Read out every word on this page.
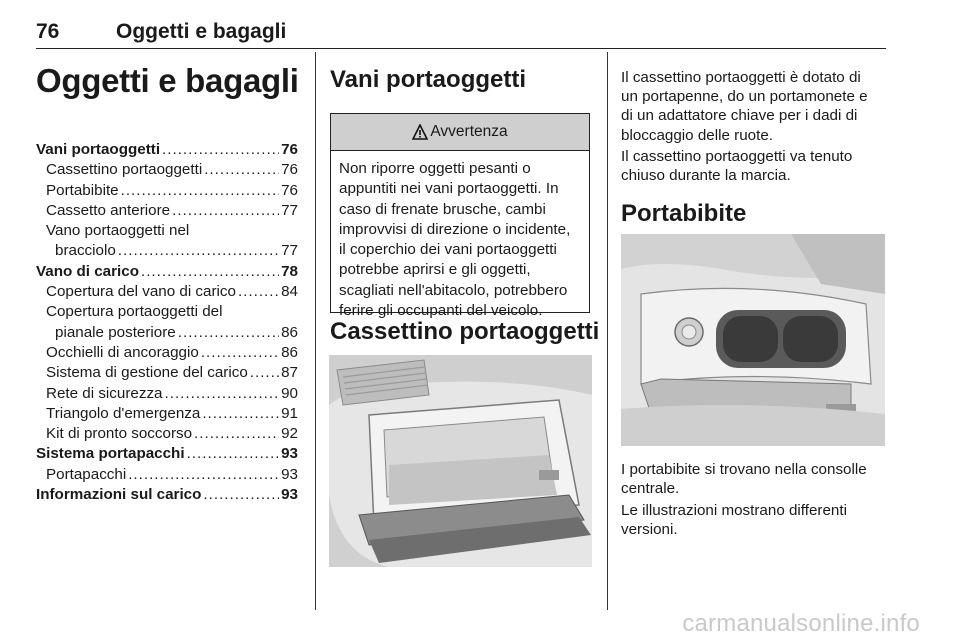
76	Oggetti e bagagli
Oggetti e bagagli
Vani portaoggetti .....	76
Cassettino portaoggetti .....	76
Portabibite .....	76
Cassetto anteriore .....	77
Vano portaoggetti nel
bracciolo .....	77
Vano di carico .....	78
Copertura del vano di carico .....	84
Copertura portaoggetti del
pianale posteriore .....	86
Occhielli di ancoraggio .....	86
Sistema di gestione del carico ..... 87
Rete di sicurezza .....	90
Triangolo d'emergenza .....	91
Kit di pronto soccorso .....	92
Sistema portapacchi .....	93
Portapacchi .....	93
Informazioni sul carico .....	93
Vani portaoggetti
Avvertenza
Non riporre oggetti pesanti o
appuntiti nei vani portaoggetti. In
caso di frenate brusche, cambi
improvvisi di direzione o incidente,
il coperchio dei vani portaoggetti
potrebbe aprirsi e gli oggetti,
scagliati nell'abitacolo, potrebbero
ferire gli occupanti del veicolo.
Cassettino portaoggetti
Il cassettino portaoggetti è dotato di
un portapenne, do un portamonete e
di un adattatore chiave per i dadi di
bloccaggio delle ruote.
Il cassettino portaoggetti va tenuto
chiuso durante la marcia.
Portabibite
I portabibite si trovano nella consolle
centrale.
Le illustrazioni mostrano differenti
versioni.
carmanualsonline.info
